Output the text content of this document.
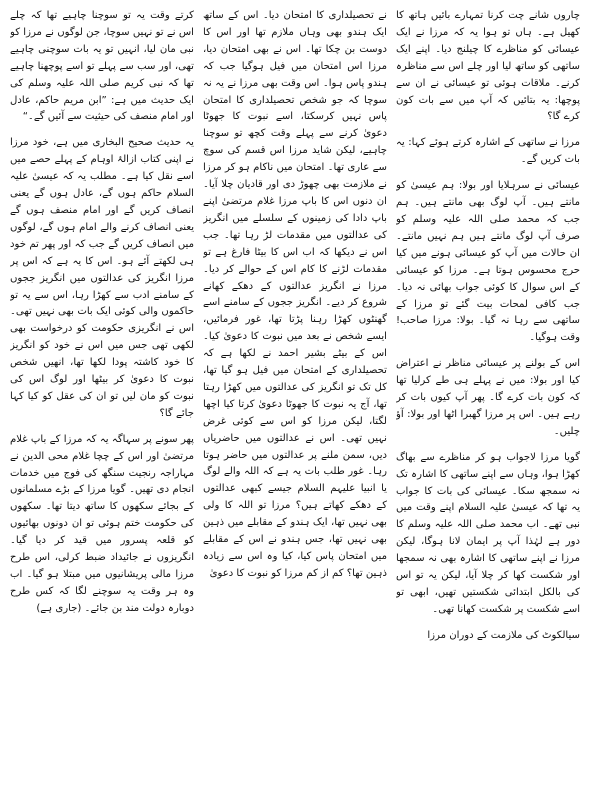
چاروں شانے چت کرنا تمہارے بائیں ہاتھ کا کھیل ہے۔ ہاں تو ہوا یہ کہ مرزا نے ایک عیسائی کو مناظرے کا چیلنج دیا۔ اپنے ایک ساتھی کو ساتھ لیا اور چلے اس سے مناظرہ کرنے۔ ملاقات ہوئی تو عیسائی نے ان سے پوچھا: یہ بتائیں کہ آپ میں سے بات کون کرے گا؟

مرزا نے ساتھی کے اشارہ کرتے ہوئے کہا: یہ بات کریں گے۔

عیسائی نے سرہلایا اور بولا: ہم عیسیٰ کو مانتے ہیں۔ آپ لوگ بھی مانتے ہیں۔ ہم جب کہ محمد صلی اللہ علیہ وسلم کو صرف آپ لوگ مانتے ہیں ہم نہیں مانتے۔ ان حالات میں آپ کو عیسائی ہونے میں کیا حرج محسوس ہوتا ہے۔ مرزا کو عیسائی کے اس سوال کا کوئی جواب بھائی نہ دیا۔ جب کافی لمحات بیت گئے تو مرزا کے ساتھی سے رہا نہ گیا۔ بولا: مرزا صاحب! وقت ہوگیا۔

اس کے بولنے پر عیسائی مناظر نے اعتراض کیا اور بولا: میں نے پہلے ہی طے کرلیا تھا کہ کون بات کرے گا۔ پھر آپ کیوں بات کر رہے ہیں۔ اس پر مرزا گھبرا اٹھا اور بولا: آؤ چلیں۔

گویا مرزا لاجواب ہو کر مناظرے سے بھاگ کھڑا ہوا، وہاں سے اپنے ساتھی کا اشارہ تک نہ سمجھ سکا۔ عیسائی کی بات کا جواب یہ تھا کہ عیسیٰ علیہ السلام اپنے وقت میں نبی تھے۔ اب محمد صلی اللہ علیہ وسلم کا دور ہے لہٰذا آپ پر ایمان لانا ہوگا، لیکن مرزا نے اپنے ساتھی کا اشارہ بھی نہ سمجھا اور شکست کھا کر چلا آیا، لیکن یہ تو اس کی بالکل ابتدائی شکستیں تھیں، ابھی تو اسے شکست پر شکست کھانا تھی۔

سیالکوٹ کی ملازمت کے دوران مرزا

نے تحصیلداری کا امتحان دیا۔ اس کے ساتھ ایک ہندو بھی وہاں ملازم تھا اور اس کا دوست بن چکا تھا۔ اس نے بھی امتحان دیا، مرزا اس امتحان میں فیل ہوگیا جب کہ ہندو پاس ہوا۔ اس وقت بھی مرزا نے یہ نہ سوچا کہ جو شخص تحصیلداری کا امتحان پاس نہیں کرسکتا، اسے نبوت کا جھوٹا دعویٰ کرنے سے پہلے وقت کچھ تو سوچنا چاہیے، لیکن شاید مرزا اس قسم کی سوچ سے عاری تھا۔ امتحان میں ناکام ہو کر مرزا نے ملازمت بھی چھوڑ دی اور قادیان چلا آیا۔ ان دنوں اس کا باپ مرزا غلام مرتضیٰ اپنے باپ دادا کی زمینوں کے سلسلے میں انگریز کی عدالتوں میں مقدمات لڑ رہا تھا۔ جب اس نے دیکھا کہ اب اس کا بیٹا فارغ ہے تو مقدمات لڑنے کا کام اس کے حوالے کر دیا۔ مرزا نے انگریز عدالتوں کے دھکے کھانے شروع کر دیے۔ انگریز ججوں کے سامنے اسے گھنٹوں کھڑا رہنا پڑتا تھا، غور فرمائیں، ایسے شخص نے بعد میں نبوت کا دعویٰ کیا۔ اس کے بیٹے بشیر احمد نے لکھا ہے کہ تحصیلداری کے امتحان میں فیل ہو گیا تھا، کل تک تو انگریز کی عدالتوں میں کھڑا رہتا تھا، آج یہ نبوت کا جھوٹا دعویٰ کرتا کیا اچھا لگتا، لیکن مرزا کو اس سے کوئی غرض نہیں تھی۔ اس نے عدالتوں میں حاضریاں دیں، سمن ملنے پر عدالتوں میں حاضر ہوتا رہا۔ غور طلب بات یہ ہے کہ اللہ والے لوگ یا انبیا علیہم السلام جیسے کبھی عدالتوں کے دھکے کھاتے ہیں؟ مرزا تو اللہ کا ولی بھی نہیں تھا، ایک ہندو کے مقابلے میں ذہین بھی نہیں تھا، جس ہندو نے اس کے مقابلے میں امتحان پاس کیا، کیا وہ اس سے زیادہ ذہین تھا؟ کم از کم مرزا کو نبوت کا دعویٰ

کرتے وقت یہ تو سوچنا چاہیے تھا کہ چلے اس نے تو نہیں سوچا، جن لوگوں نے مرزا کو نبی مان لیا، انہیں تو یہ بات سوچنی چاہیے تھی، اور سب سے پہلے تو اسے پوچھنا چاہیے تھا کہ نبی کریم صلی اللہ علیہ وسلم کی ایک حدیث میں ہے: ”ابن مریم حاکم، عادل اور امام منصف کی حیثیت سے آئیں گے۔“

یہ حدیث صحیح البخاری میں ہے، خود مرزا نے اپنی کتاب ازالۂ اوہام کے پہلے حصے میں اسے نقل کیا ہے۔ مطلب یہ کہ عیسیٰ علیہ السلام حاکم ہوں گے، عادل ہوں گے یعنی انصاف کریں گے اور امام منصف ہوں گے یعنی انصاف کرنے والے امام ہوں گے، لوگوں میں انصاف کریں گے جب کہ اور پھر تم خود ہی لکھتے آئے ہو۔ اس کا یہ ہے کہ اس پر مرزا انگریز کی عدالتوں میں انگریز ججوں کے سامنے ادب سے کھڑا رہا، اس سے یہ تو حاکموں والی کوئی ایک بات بھی نہیں تھی۔ اس نے انگریزی حکومت کو درخواست بھی لکھی تھی جس میں اس نے خود کو انگریز کا خود کاشتہ پودا لکھا تھا، انھیں شخص نبوت کا دعویٰ کر بیٹھا اور لوگ اس کی نبوت کو مان لیں تو ان کی عقل کو کیا کہا جائے گا؟

پھر سونے پر سہاگہ یہ کہ مرزا کے باپ غلام مرتضیٰ اور اس کے چچا غلام محی الدین نے مہاراجہ رنجیت سنگھ کی فوج میں خدمات انجام دی تھیں۔ گویا مرزا کے بڑے مسلمانوں کے بجائے سکھوں کا ساتھ دیتا تھا۔ سکھوں کی حکومت ختم ہوئی تو ان دونوں بھائیوں کو قلعہ پسرور میں قید کر دیا گیا۔ انگریزوں نے جائیداد ضبط کرلی، اس طرح مرزا مالی پریشانیوں میں مبتلا ہو گیا۔ اب وہ ہر وقت یہ سوچنے لگا کہ کس طرح دوبارہ دولت مند بن جائے۔ (جاری ہے)
